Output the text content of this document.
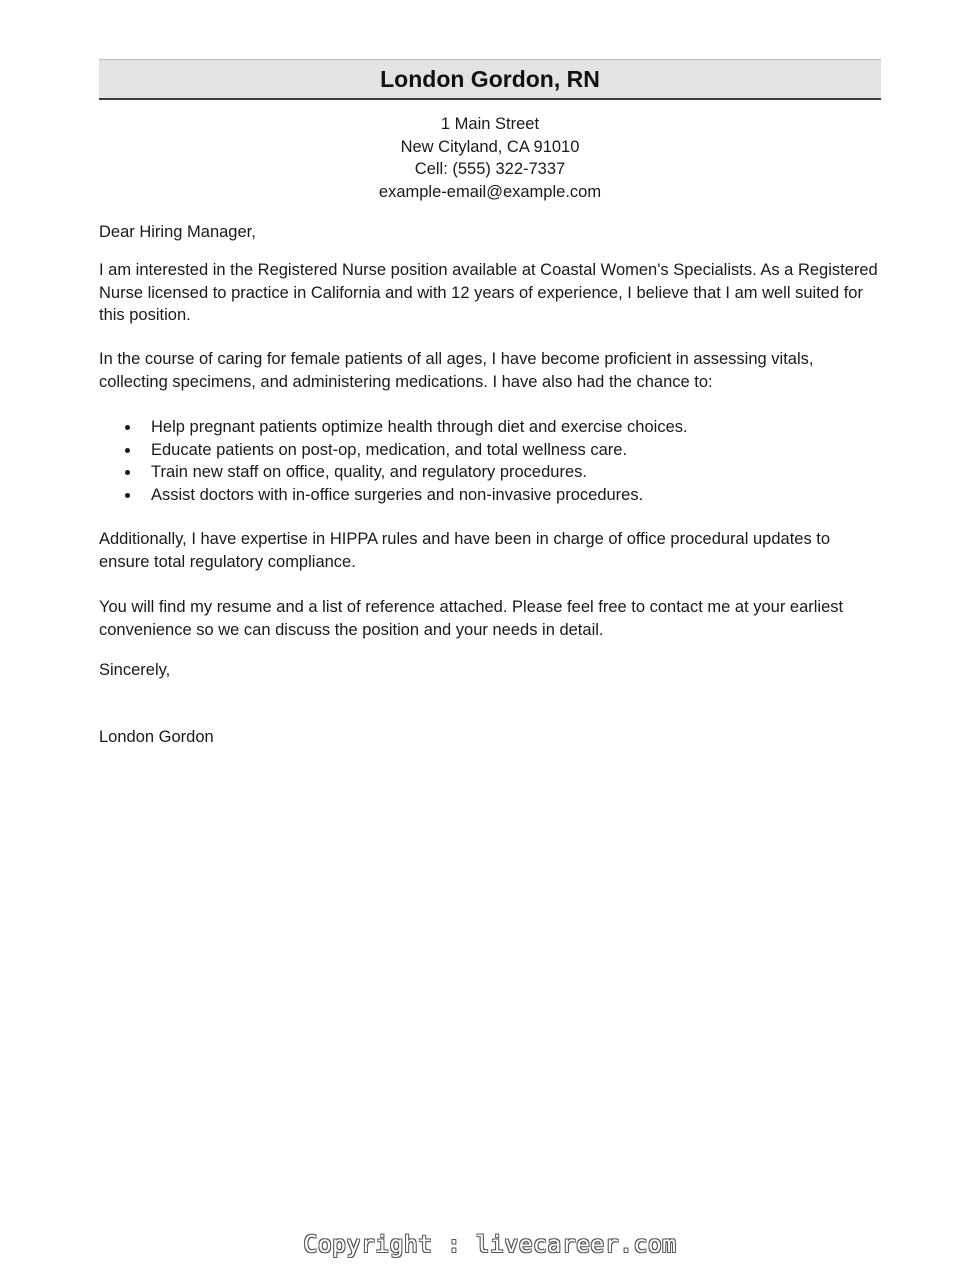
London Gordon, RN
1 Main Street
New Cityland, CA 91010
Cell: (555) 322-7337
example-email@example.com

Dear Hiring Manager,

I am interested in the Registered Nurse position available at Coastal Women's Specialists. As a Registered Nurse licensed to practice in California and with 12 years of experience, I believe that I am well suited for this position.

In the course of caring for female patients of all ages, I have become proficient in assessing vitals, collecting specimens, and administering medications. I have also had the chance to:

Help pregnant patients optimize health through diet and exercise choices.
Educate patients on post-op, medication, and total wellness care.
Train new staff on office, quality, and regulatory procedures.
Assist doctors with in-office surgeries and non-invasive procedures.

Additionally, I have expertise in HIPPA rules and have been in charge of office procedural updates to ensure total regulatory compliance.

You will find my resume and a list of reference attached. Please feel free to contact me at your earliest convenience so we can discuss the position and your needs in detail.

Sincerely,

London Gordon

Copyright : livecareer.com
